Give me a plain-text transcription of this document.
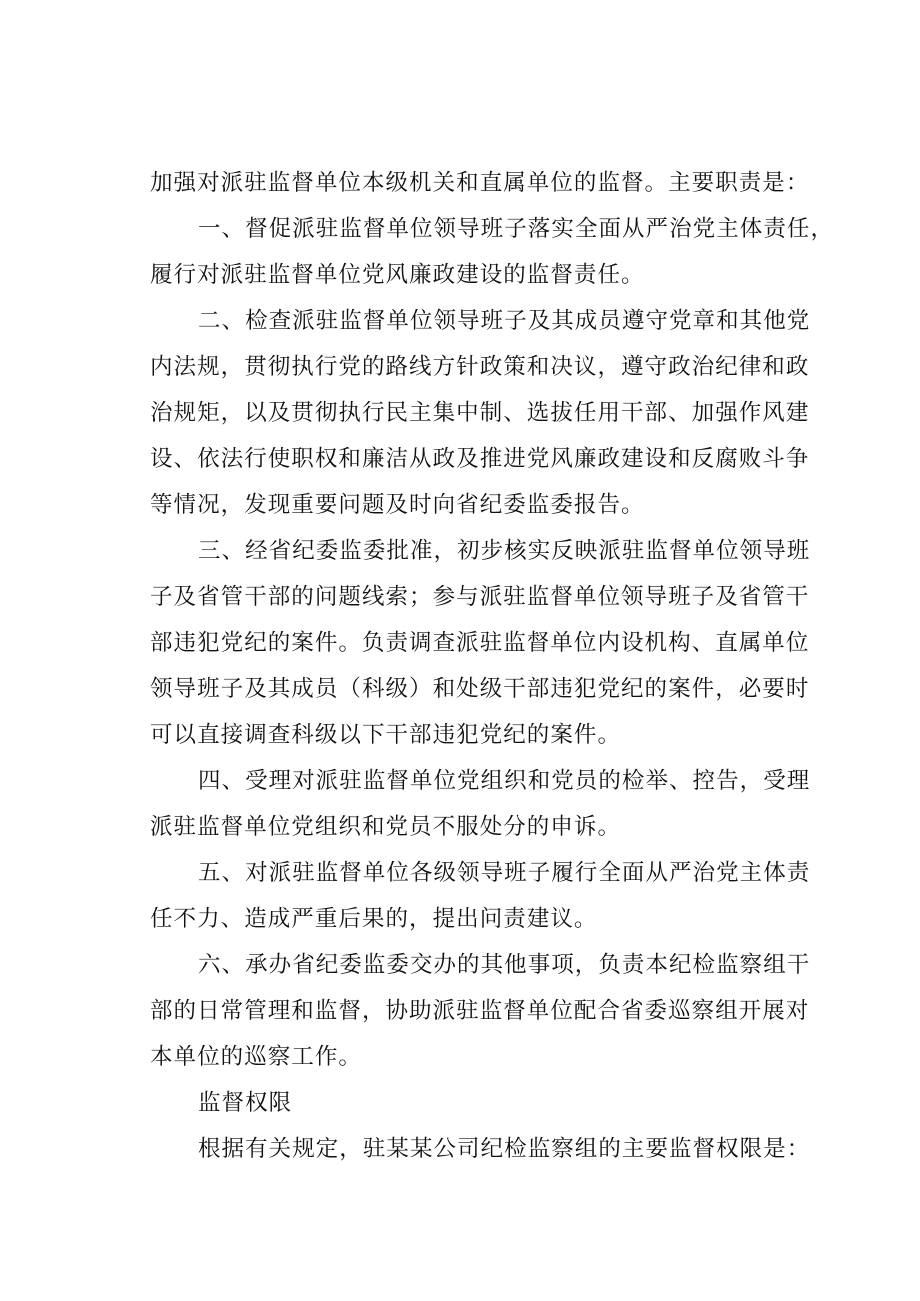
加强对派驻监督单位本级机关和直属单位的监督。主要职责是：
一、督促派驻监督单位领导班子落实全面从严治党主体责任，
履行对派驻监督单位党风廉政建设的监督责任。
二、检查派驻监督单位领导班子及其成员遵守党章和其他党
内法规，贯彻执行党的路线方针政策和决议，遵守政治纪律和政
治规矩，以及贯彻执行民主集中制、选拔任用干部、加强作风建
设、依法行使职权和廉洁从政及推进党风廉政建设和反腐败斗争
等情况，发现重要问题及时向省纪委监委报告。
三、经省纪委监委批准，初步核实反映派驻监督单位领导班
子及省管干部的问题线索；参与派驻监督单位领导班子及省管干
部违犯党纪的案件。负责调查派驻监督单位内设机构、直属单位
领导班子及其成员（科级）和处级干部违犯党纪的案件，必要时
可以直接调查科级以下干部违犯党纪的案件。
四、受理对派驻监督单位党组织和党员的检举、控告，受理
派驻监督单位党组织和党员不服处分的申诉。
五、对派驻监督单位各级领导班子履行全面从严治党主体责
任不力、造成严重后果的，提出问责建议。
六、承办省纪委监委交办的其他事项，负责本纪检监察组干
部的日常管理和监督，协助派驻监督单位配合省委巡察组开展对
本单位的巡察工作。
监督权限
根据有关规定，驻某某公司纪检监察组的主要监督权限是：
